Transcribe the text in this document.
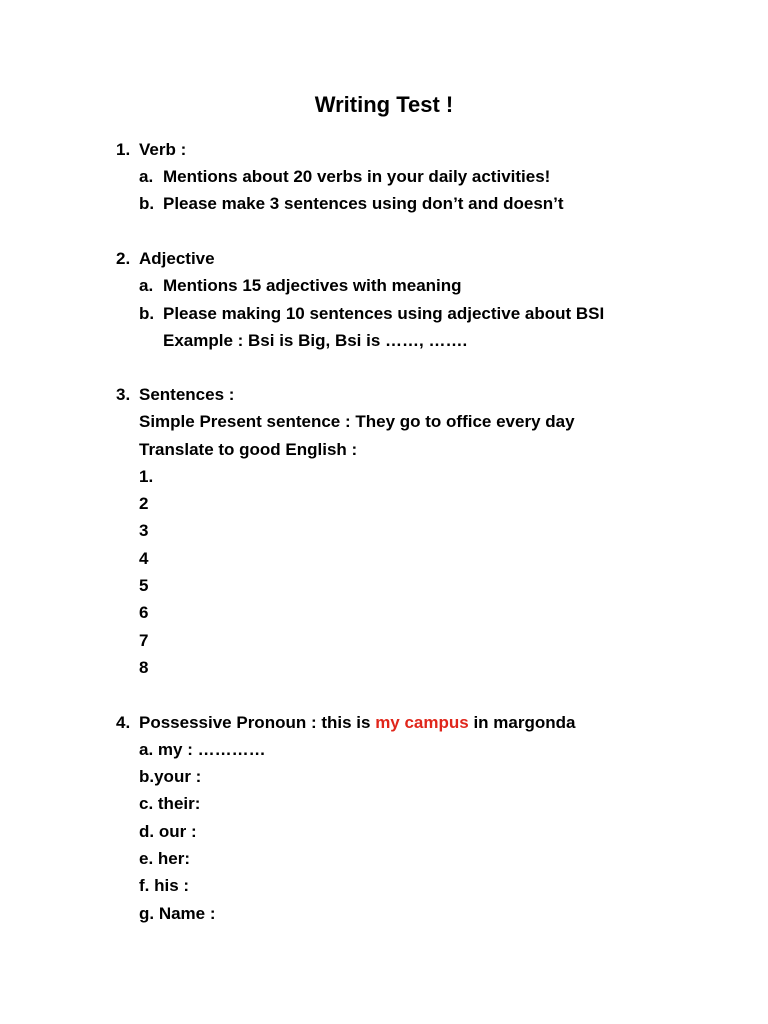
Writing Test !
1. Verb :
a. Mentions about 20 verbs in your daily activities!
b. Please make 3 sentences using don’t and doesn’t
2. Adjective
a. Mentions 15 adjectives with meaning
b. Please making 10 sentences using adjective about BSI
Example : Bsi is Big, Bsi is ……, …….
3. Sentences :
Simple Present sentence : They go to office every day
Translate to good English :
1.
2
3
4
5
6
7
8
4. Possessive Pronoun : this is my campus in margonda
a. my : …………
b.your :
c. their:
d. our :
e. her:
f. his :
g. Name :
